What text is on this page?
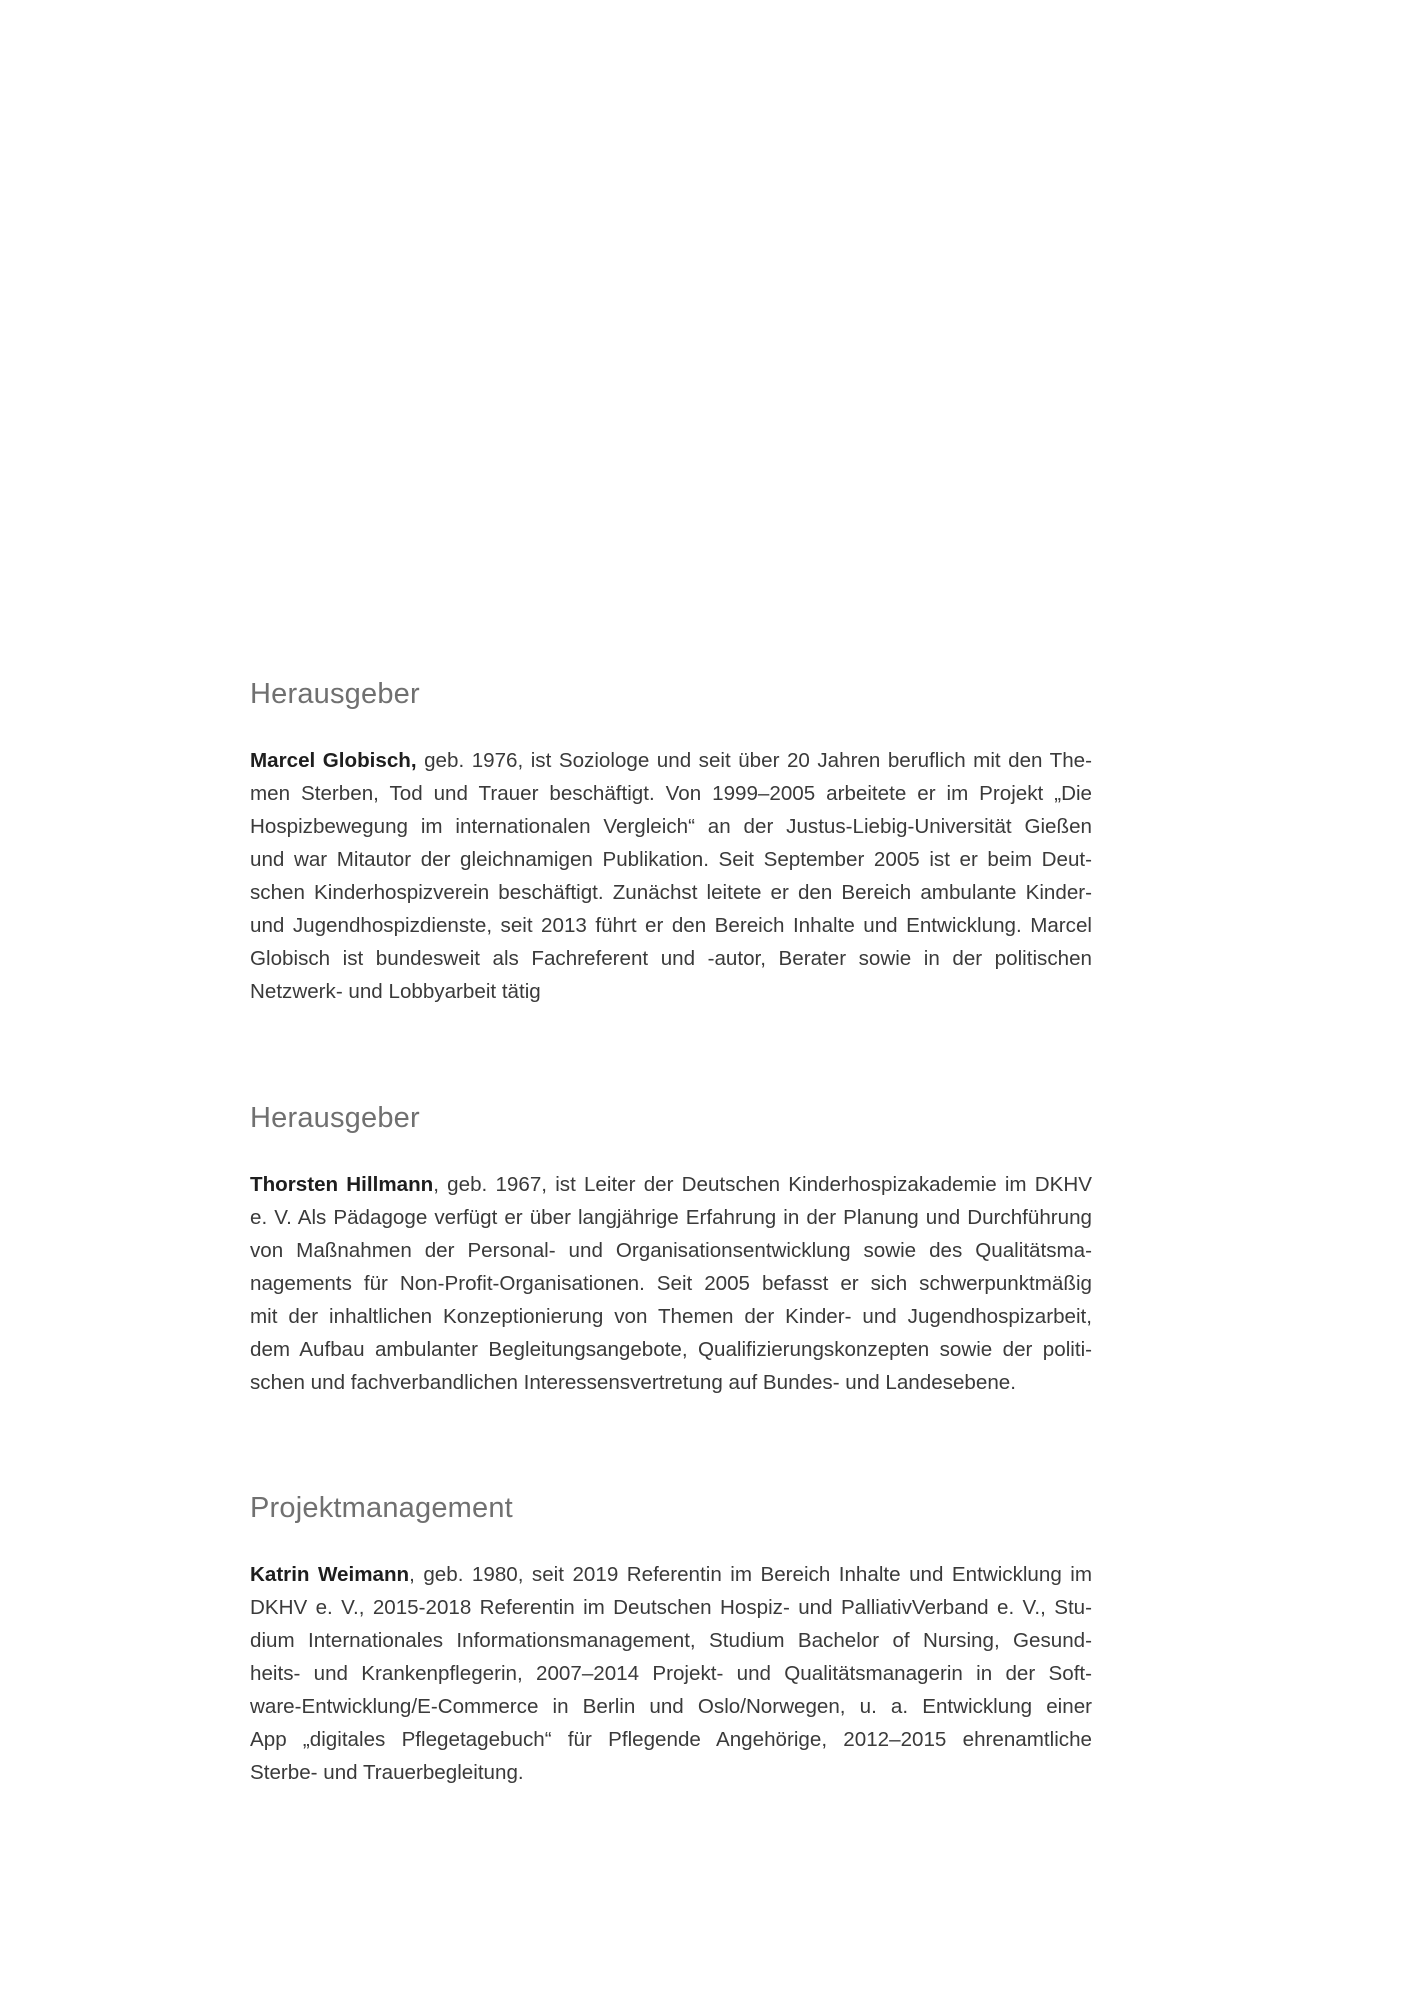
Herausgeber
Marcel Globisch, geb. 1976, ist Soziologe und seit über 20 Jahren beruflich mit den The-
men Sterben, Tod und Trauer beschäftigt. Von 1999–2005 arbeitete er im Projekt „Die
Hospizbewegung im internationalen Vergleich“ an der Justus-Liebig-Universität Gießen
und war Mitautor der gleichnamigen Publikation. Seit September 2005 ist er beim Deut-
schen Kinderhospizverein beschäftigt. Zunächst leitete er den Bereich ambulante Kinder-
und Jugendhospizdienste, seit 2013 führt er den Bereich Inhalte und Entwicklung. Marcel
Globisch ist bundesweit als Fachreferent und -autor, Berater sowie in der politischen
Netzwerk- und Lobbyarbeit tätig
Herausgeber
Thorsten Hillmann, geb. 1967, ist Leiter der Deutschen Kinderhospizakademie im DKHV
e. V. Als Pädagoge verfügt er über langjährige Erfahrung in der Planung und Durchführung
von Maßnahmen der Personal- und Organisationsentwicklung sowie des Qualitätsma-
nagements für Non-Profit-Organisationen. Seit 2005 befasst er sich schwerpunktmäßig
mit der inhaltlichen Konzeptionierung von Themen der Kinder- und Jugendhospizarbeit,
dem Aufbau ambulanter Begleitungsangebote, Qualifizierungskonzepten sowie der politi-
schen und fachverbandlichen Interessensvertretung auf Bundes- und Landesebene.
Projektmanagement
Katrin Weimann, geb. 1980, seit 2019 Referentin im Bereich Inhalte und Entwicklung im
DKHV e. V., 2015-2018 Referentin im Deutschen Hospiz- und PalliativVerband e. V., Stu-
dium Internationales Informationsmanagement, Studium Bachelor of Nursing, Gesund-
heits- und Krankenpflegerin, 2007–2014 Projekt- und Qualitätsmanagerin in der Soft-
ware-Entwicklung/E-Commerce in Berlin und Oslo/Norwegen, u. a. Entwicklung einer
App „digitales Pflegetagebuch“ für Pflegende Angehörige, 2012–2015 ehrenamtliche
Sterbe- und Trauerbegleitung.
